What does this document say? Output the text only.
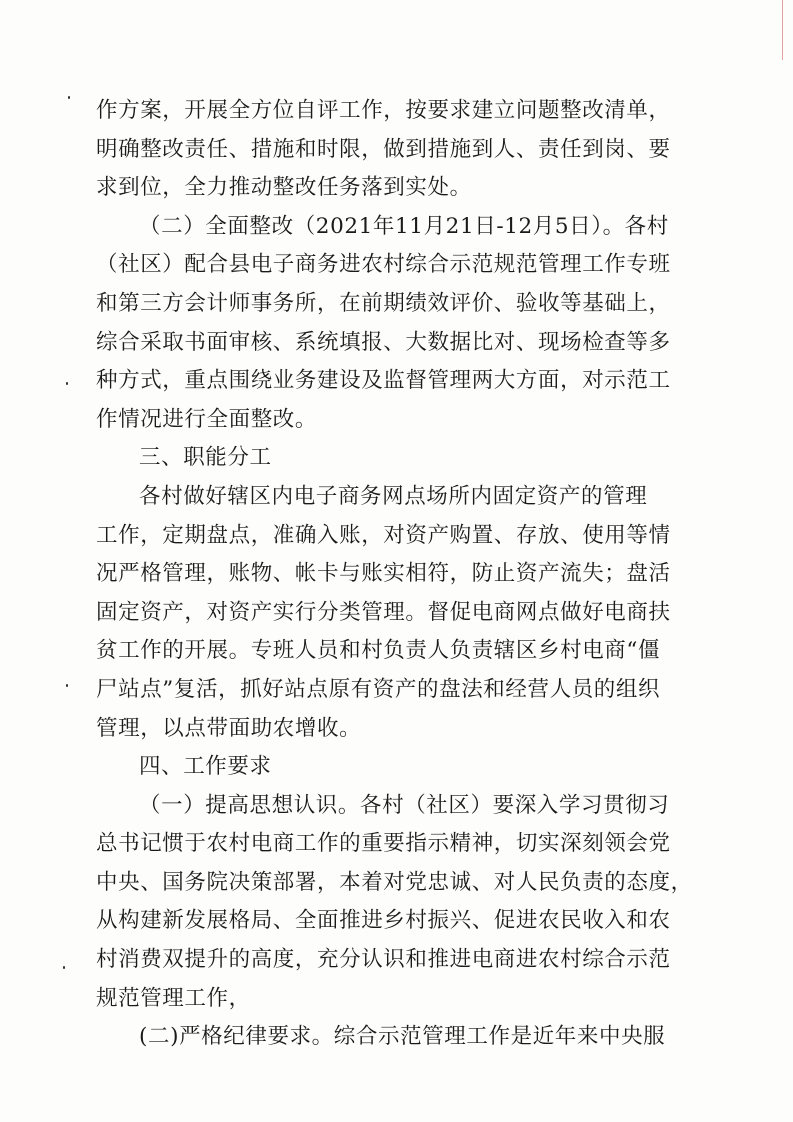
作方案，开展全方位自评工作，按要求建立问题整改清单，
明确整改责任、措施和时限，做到措施到人、责任到岗、要
求到位，全力推动整改任务落到实处。
（二）全面整改（2021年11月21日-12月5日）。各村
（社区）配合县电子商务进农村综合示范规范管理工作专班
和第三方会计师事务所，在前期绩效评价、验收等基础上，
综合采取书面审核、系统填报、大数据比对、现场检查等多
种方式，重点围绕业务建设及监督管理两大方面，对示范工
作情况进行全面整改。
三、职能分工
各村做好辖区内电子商务网点场所内固定资产的管理
工作，定期盘点，准确入账，对资产购置、存放、使用等情
况严格管理，账物、帐卡与账实相符，防止资产流失；盘活
固定资产，对资产实行分类管理。督促电商网点做好电商扶
贫工作的开展。专班人员和村负责人负责辖区乡村电商“僵
尸站点”复活，抓好站点原有资产的盘法和经营人员的组织
管理，以点带面助农增收。
四、工作要求
（一）提高思想认识。各村（社区）要深入学习贯彻习
总书记惯于农村电商工作的重要指示精神，切实深刻领会党
中央、国务院决策部署，本着对党忠诚、对人民负责的态度，
从构建新发展格局、全面推进乡村振兴、促进农民收入和农
村消费双提升的高度，充分认识和推进电商进农村综合示范
规范管理工作，
(二)严格纪律要求。综合示范管理工作是近年来中央服
